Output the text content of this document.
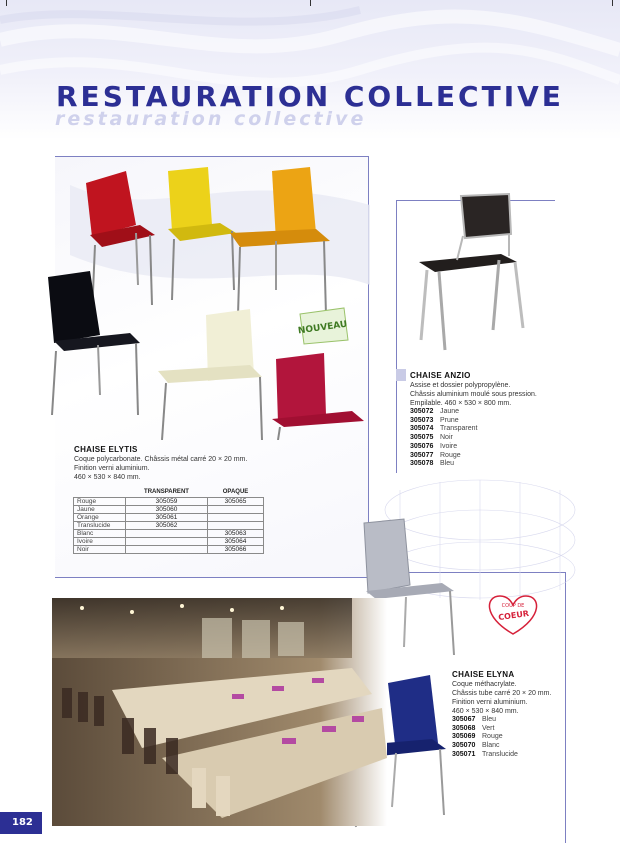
RESTAURATION COLLECTIVE
restauration collective
NOUVEAU
CHAISE ELYTIS
Coque polycarbonate. Châssis métal carré 20 × 20 mm.
Finition verni aluminium.
460 × 530 × 840 mm.
	TRANSPARENT	OPAQUE
Rouge	305059	305065
Jaune	305060	
Orange	305061	
Translucide	305062	
Blanc		305063
Ivoire		305064
Noir		305066
CHAISE ANZIO
Assise et dossier polypropylène.
Châssis aluminium moulé sous pression.
Empilable. 460 × 530 × 800 mm.
305072 Jaune
305073 Prune
305074 Transparent
305075 Noir
305076 Ivoire
305077 Rouge
305078 Bleu
COUP DE
COEUR
CHAISE ELYNA
Coque méthacrylate.
Châssis tube carré 20 × 20 mm.
Finition verni aluminium.
460 × 530 × 840 mm.
305067 Bleu
305068 Vert
305069 Rouge
305070 Blanc
305071 Translucide
182
